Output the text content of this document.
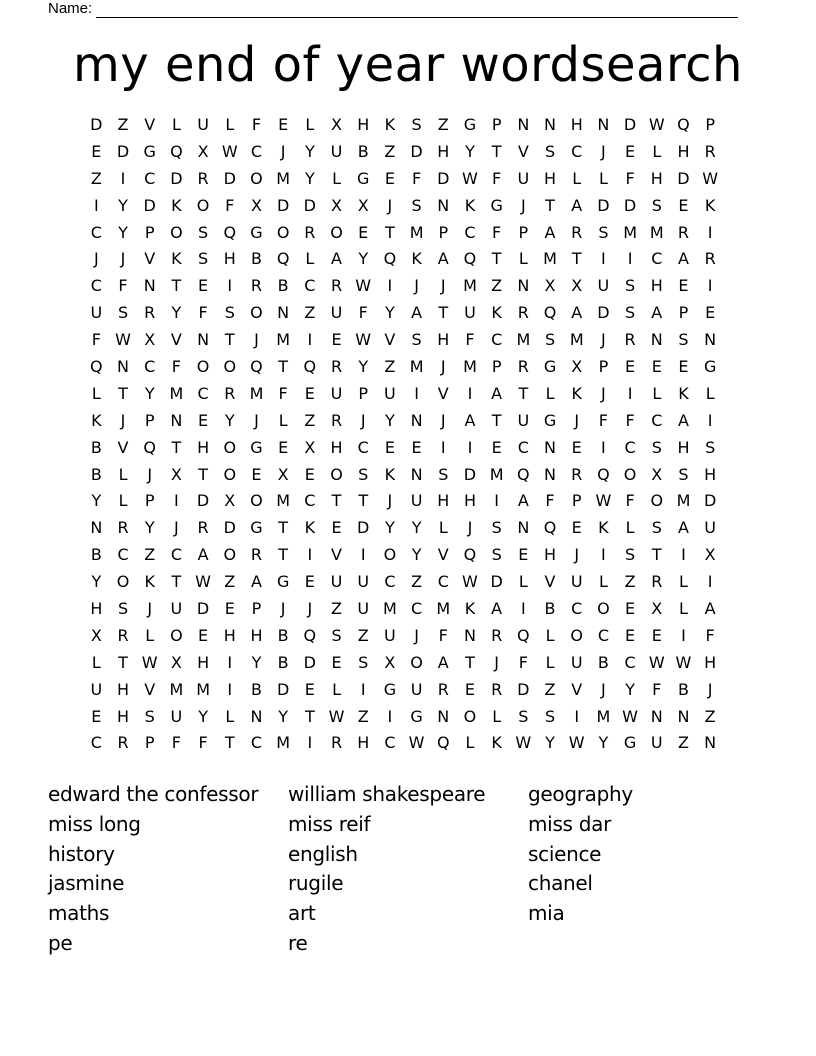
Name:
my end of year wordsearch
D Z V	L	U	L	F	E	L	X H K	S	Z G P N N H N D W Q P
E D G Q X W C	J	Y U B Z D H Y	T	V	S	C	J	E	L	H R
Z	I	C D R D O M Y	L	G E	F D W F	U H	L	L	F	H D W
I	Y D K O F	X D D X X	J	S N K G	J	T	A D D S	E	K
C	Y	P O S Q G O R O E	T M P	C	F	P	A R	S M M R	I
J	J	V K	S H B Q L	A	Y Q K A Q T	L M T	I	I	C A R
C	F	N T	E	I	R B C R W	I	J	J	M Z N X X U S H E	I
U S	R	Y	F	S O N Z U	F	Y	A	T U K R Q A D S	A	P	E
F W X V N T	J	M	I	E W V	S H	F	C M S M	J	R N S N
Q N C	F O O Q T Q R	Y	Z M	J	M P	R G X	P	E	E	E G
L	T	Y M C R M F	E U	P	U	I	V	I	A	T	L	K	J	I	L	K	L
K	J	P N E	Y	J	L	Z R	J	Y N	J	A	T U G	J	F	F	C A	I
B V Q T H O G E	X H C	E	E	I	I	E	C N E	I	C	S H S
B	L	J	X	T O E	X	E O S	K N S D M Q N R Q O X	S H
Y	L	P	I	D X O M C	T	T	J	U H H	I	A	F	P W F O M D
N R	Y	J	R D G T	K	E D Y	Y	L	J	S N Q E	K	L	S	A U
B C Z C A O R	T	I	V	I	O Y	V Q S	E H	J	I	S	T	I	X
Y O K	T W Z A G E U U C Z C W D	L	V U	L	Z R	L	I
H S	J	U D E	P	J	J	Z U M C M K A	I	B C O E	X	L	A
X R	L O E H H B Q S	Z U	J	F	N R Q L O C	E	E	I	F
L	T W X H	I	Y	B D E	S	X O A	T	J	F	L	U B C W W H
U H V M M	I	B D E	L	I	G U R	E	R D Z V	J	Y	F	B	J
E H S U Y	L	N Y	T W Z	I	G N O L	S	S	I	M W N N Z
C R	P	F	F	T	C M	I	R H C W Q L	K W Y W Y G U Z N
edward the confessor	william shakespeare	geography
miss long	miss reif	miss dar
history	english	science
jasmine	rugile	chanel
maths	art	mia
pe	re
